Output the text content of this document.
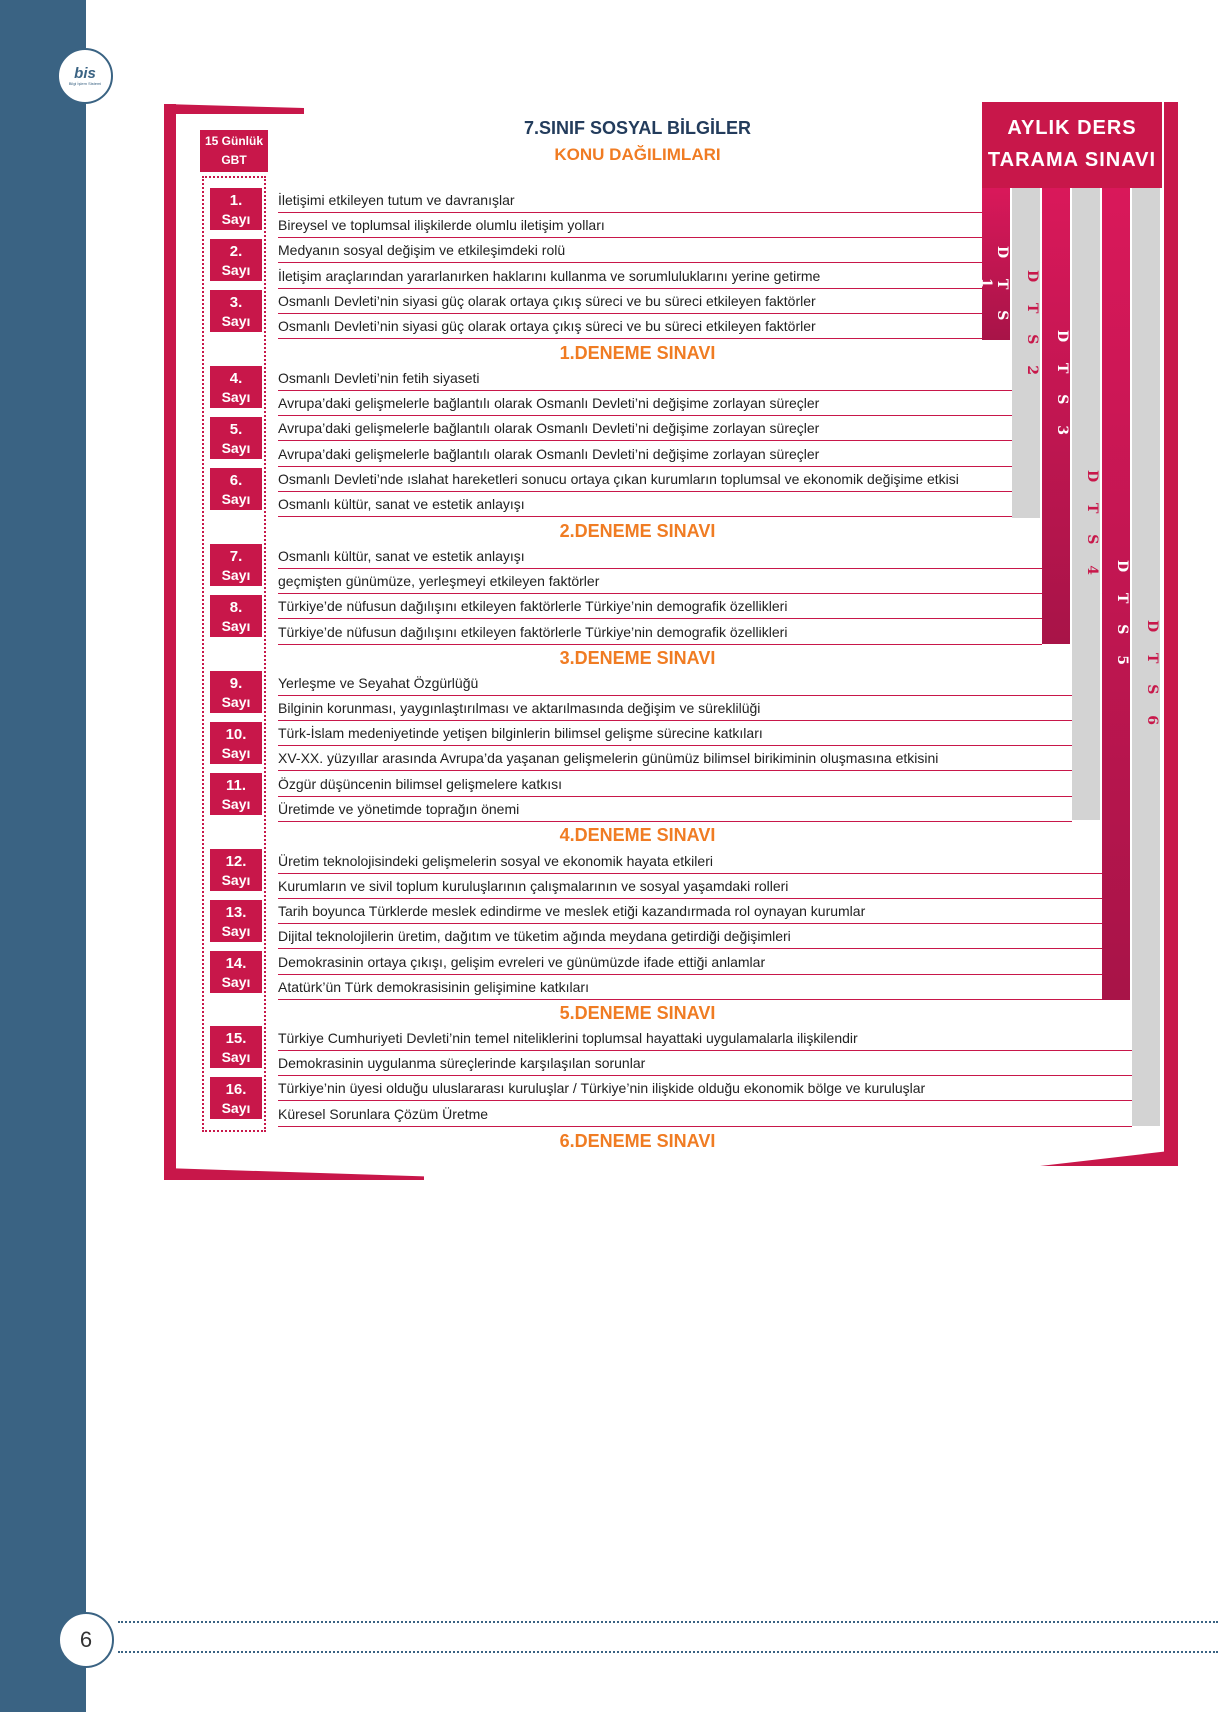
bis
Bilgi İşlem Sistemi
6
7.SINIF SOSYAL BİLGİLER
KONU DAĞILIMLARI
15 Günlük
GBT
AYLIK DERS
TARAMA SINAVI
D T S 1	D T S 2
D T S 3
D T S 4
D T S 5
D T S 6
1.
Sayı
2.
Sayı
3.
Sayı
4.
Sayı
5.
Sayı
6.
Sayı
7.
Sayı
8.
Sayı
9.
Sayı
10.
Sayı
11.
Sayı
12.
Sayı
13.
Sayı
14.
Sayı
15.
Sayı
16.
Sayı
İletişimi etkileyen tutum ve davranışlar
Bireysel ve toplumsal ilişkilerde olumlu iletişim yolları
Medyanın sosyal değişim ve etkileşimdeki rolü
İletişim araçlarından yararlanırken haklarını kullanma ve sorumluluklarını yerine getirme
Osmanlı Devleti’nin siyasi güç olarak ortaya çıkış süreci ve bu süreci etkileyen faktörler
Osmanlı Devleti’nin siyasi güç olarak ortaya çıkış süreci ve bu süreci etkileyen faktörler
1.DENEME SINAVI
Osmanlı Devleti’nin fetih siyaseti
Avrupa’daki gelişmelerle bağlantılı olarak Osmanlı Devleti’ni değişime zorlayan süreçler
Avrupa’daki gelişmelerle bağlantılı olarak Osmanlı Devleti’ni değişime zorlayan süreçler
Avrupa’daki gelişmelerle bağlantılı olarak Osmanlı Devleti’ni değişime zorlayan süreçler
Osmanlı Devleti’nde ıslahat hareketleri sonucu ortaya çıkan kurumların toplumsal ve ekonomik değişime etkisi
Osmanlı kültür, sanat ve estetik anlayışı
2.DENEME SINAVI
Osmanlı kültür, sanat ve estetik anlayışı
geçmişten günümüze, yerleşmeyi etkileyen faktörler
Türkiye’de nüfusun dağılışını etkileyen faktörlerle Türkiye’nin demografik özellikleri
Türkiye’de nüfusun dağılışını etkileyen faktörlerle Türkiye’nin demografik özellikleri
3.DENEME SINAVI
Yerleşme ve Seyahat Özgürlüğü
Bilginin korunması, yaygınlaştırılması ve aktarılmasında değişim ve süreklilüği
Türk-İslam medeniyetinde yetişen bilginlerin bilimsel gelişme sürecine katkıları
XV-XX. yüzyıllar arasında Avrupa’da yaşanan gelişmelerin günümüz bilimsel birikiminin oluşmasına etkisini
Özgür düşüncenin bilimsel gelişmelere katkısı
Üretimde ve yönetimde toprağın önemi
4.DENEME SINAVI
Üretim teknolojisindeki gelişmelerin sosyal ve ekonomik hayata etkileri
Kurumların ve sivil toplum kuruluşlarının çalışmalarının ve sosyal yaşamdaki rolleri
Tarih boyunca Türklerde meslek edindirme ve meslek etiği kazandırmada rol oynayan kurumlar
Dijital teknolojilerin üretim, dağıtım ve tüketim ağında meydana getirdiği değişimleri
Demokrasinin ortaya çıkışı, gelişim evreleri ve günümüzde ifade ettiği anlamlar
Atatürk’ün Türk demokrasisinin gelişimine katkıları
5.DENEME SINAVI
Türkiye Cumhuriyeti Devleti’nin temel niteliklerini toplumsal hayattaki uygulamalarla ilişkilendir
Demokrasinin uygulanma süreçlerinde karşılaşılan sorunlar
Türkiye’nin üyesi olduğu uluslararası kuruluşlar / Türkiye’nin ilişkide olduğu ekonomik bölge ve kuruluşlar
Küresel Sorunlara Çözüm Üretme
6.DENEME SINAVI
